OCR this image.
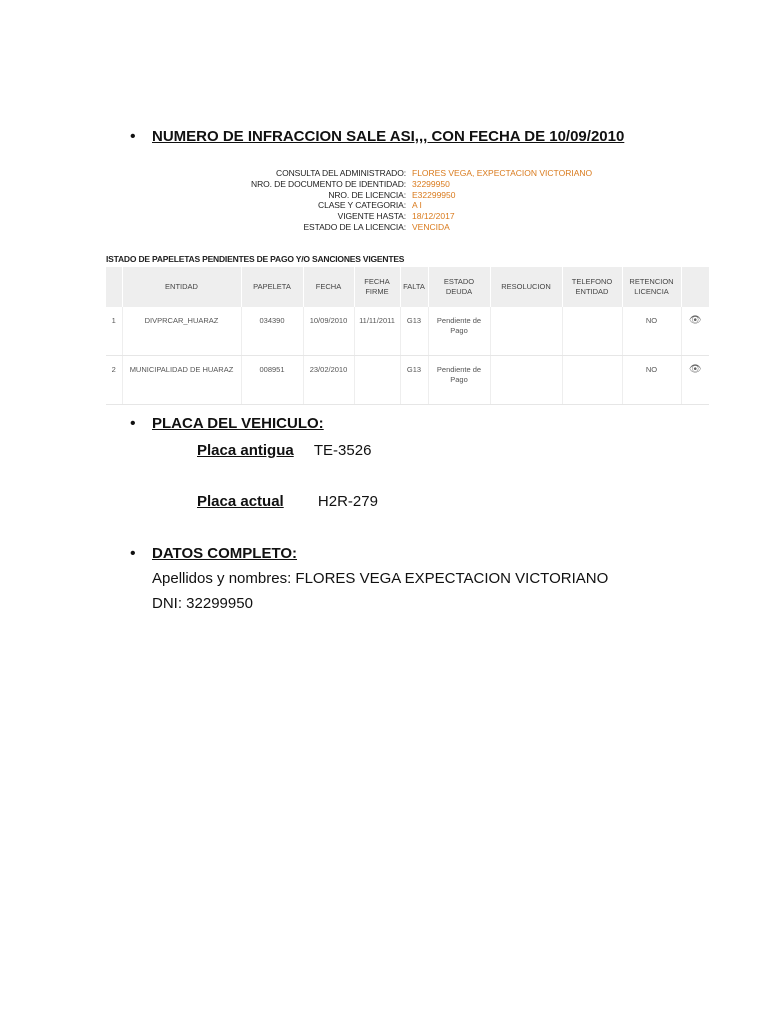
•	NUMERO DE INFRACCION SALE ASI,,, CON FECHA DE 10/09/2010
CONSULTA DEL ADMINISTRADO: FLORES VEGA, EXPECTACION VICTORIANO
NRO. DE DOCUMENTO DE IDENTIDAD: 32299950
NRO. DE LICENCIA: E32299950
CLASE Y CATEGORIA: A I
VIGENTE HASTA: 18/12/2017
ESTADO DE LA LICENCIA: VENCIDA
ISTADO DE PAPELETAS PENDIENTES DE PAGO Y/O SANCIONES VIGENTES
	ENTIDAD	PAPELETA	FECHA	FECHA FIRME	FALTA	ESTADO DEUDA	RESOLUCION	TELEFONO ENTIDAD	RETENCION LICENCIA	
1	DIVPRCAR_HUARAZ	034390	10/09/2010	11/11/2011	G13	Pendiente de Pago			NO	👁
2	MUNICIPALIDAD DE HUARAZ	008951	23/02/2010		G13	Pendiente de Pago			NO	👁
•	PLACA DEL VEHICULO:
Placa antigua TE-3526
Placa actual H2R-279
•	DATOS COMPLETO:
Apellidos y nombres: FLORES VEGA EXPECTACION VICTORIANO
DNI: 32299950
